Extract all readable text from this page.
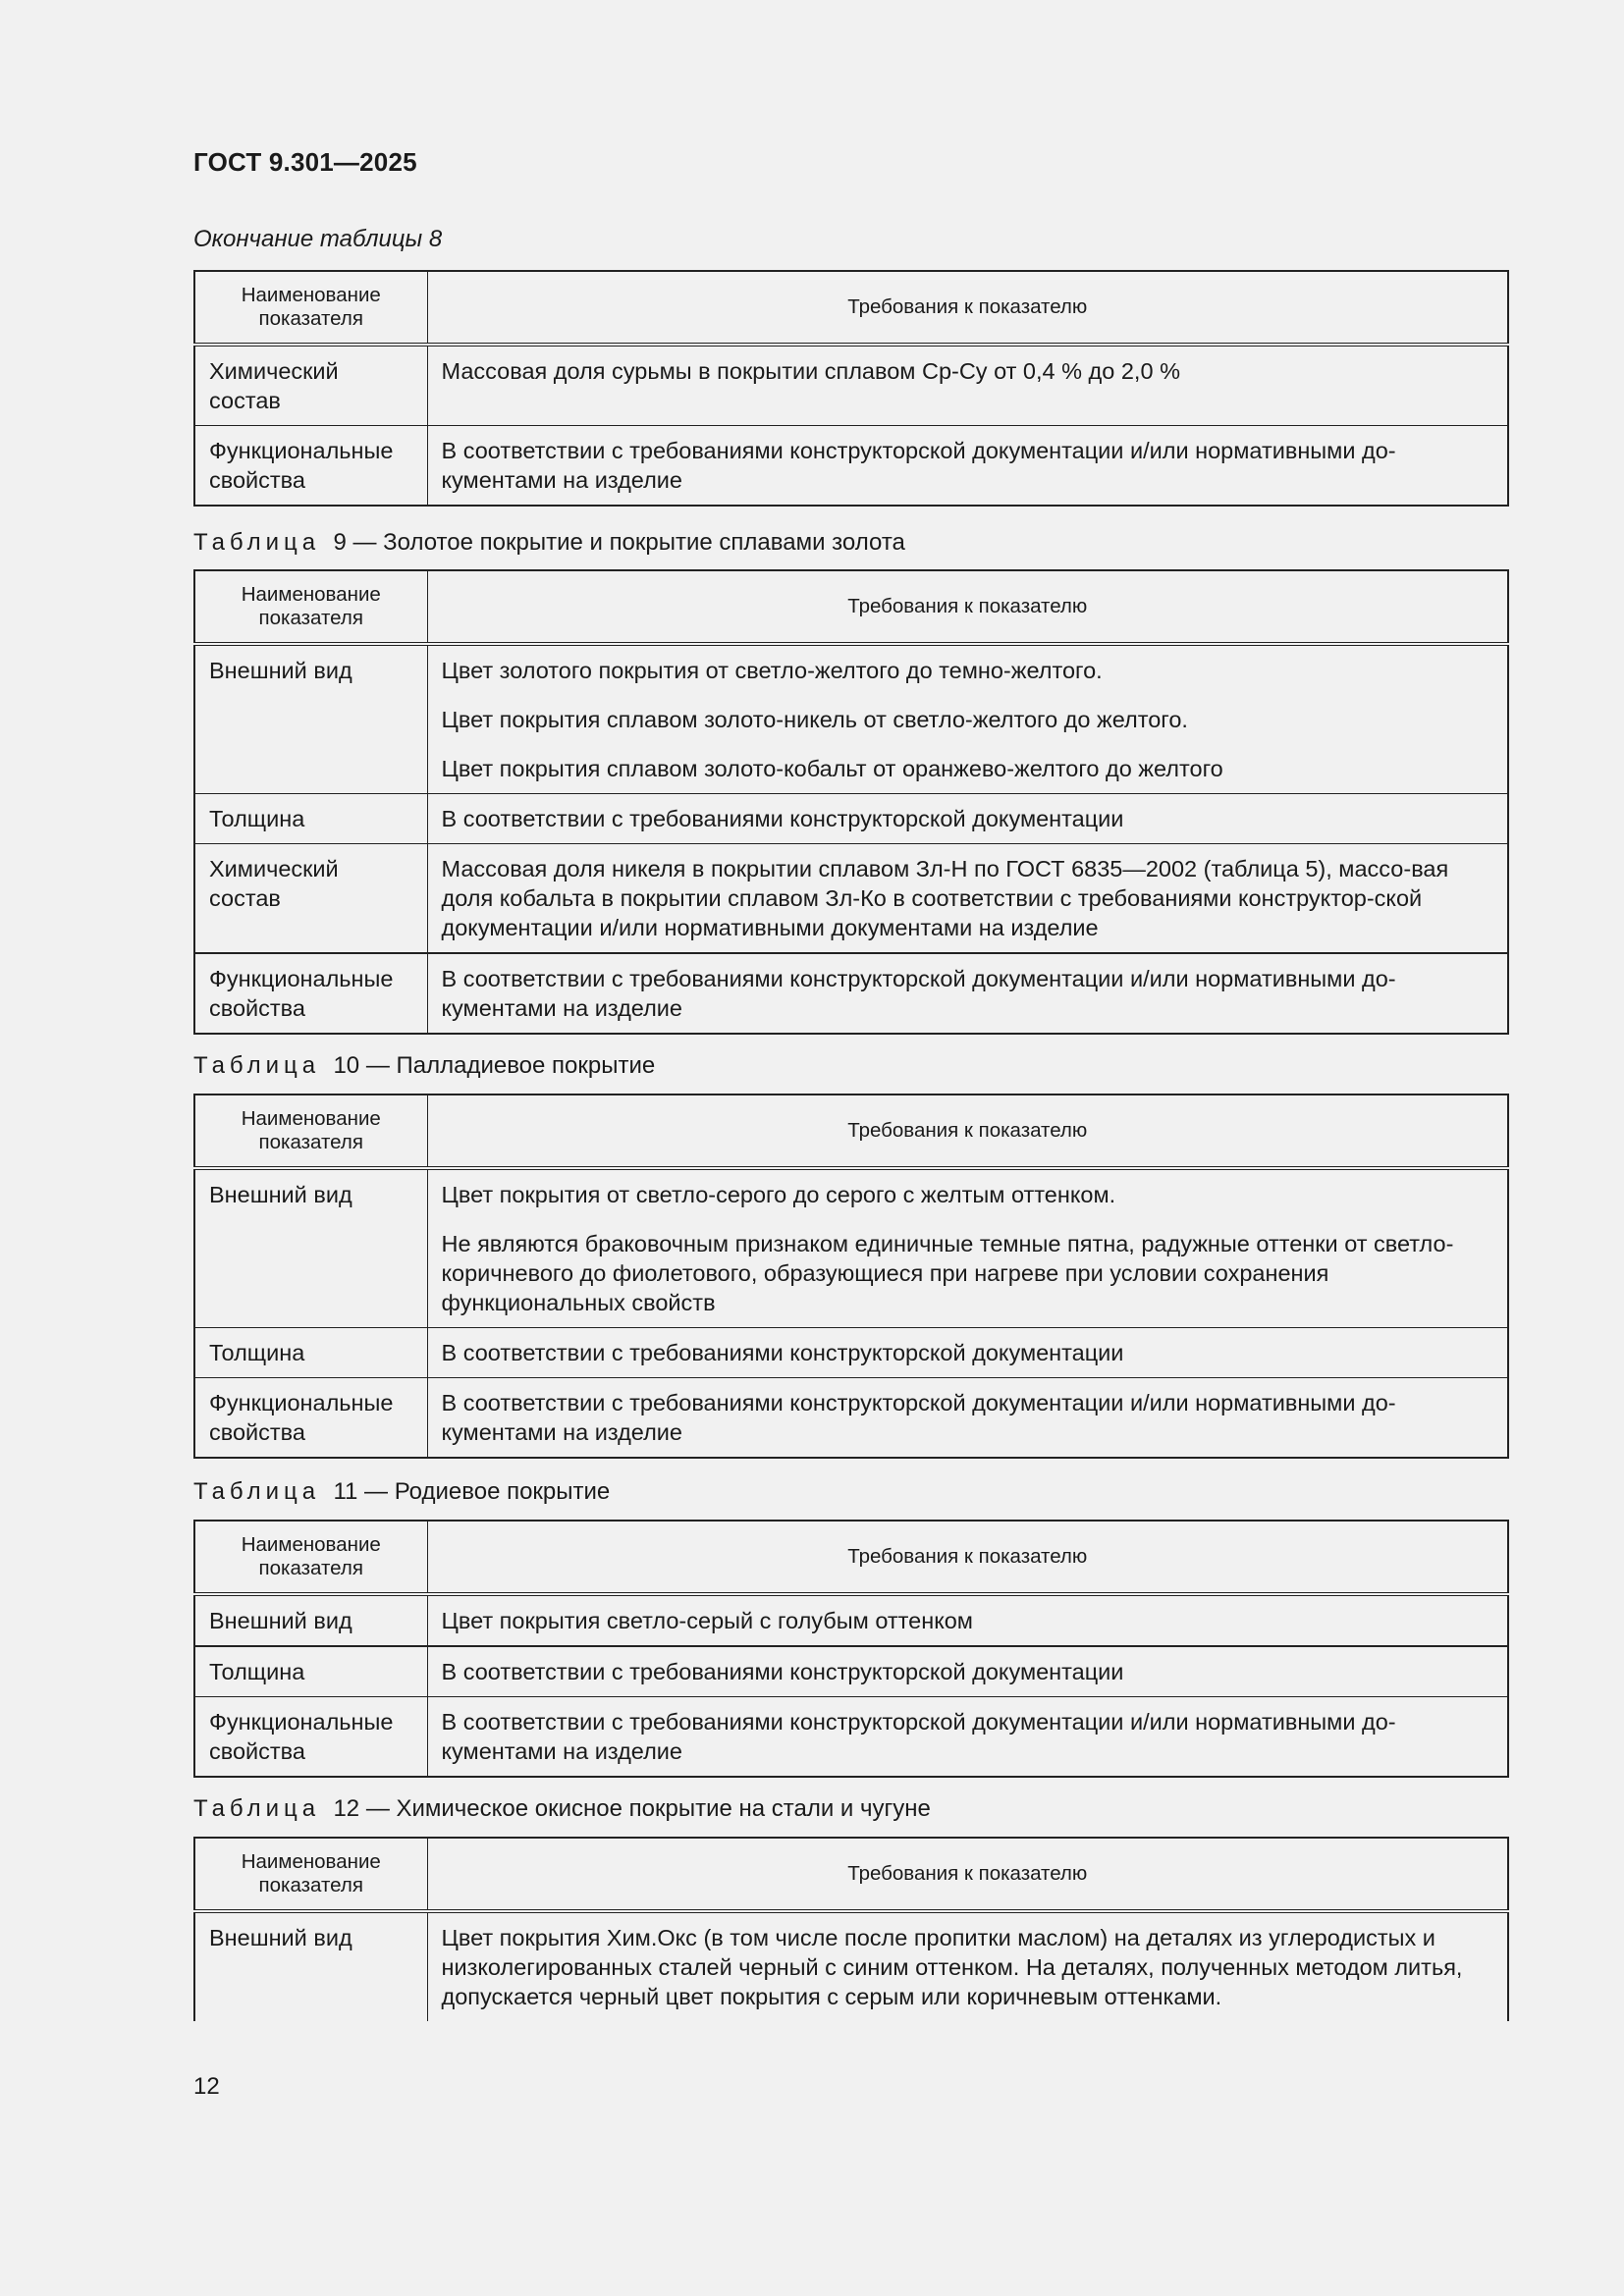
ГОСТ 9.301—2025
Окончание таблицы 8
Наименование показателя	Требования к показателю
Химический состав	Массовая доля сурьмы в покрытии сплавом Ср-Су от 0,4 % до 2,0 %

Функциональные свойства	В соответствии с требованиями конструкторской документации и/или нормативными до-кументами на изделие

Таблица 9 — Золотое покрытие и покрытие сплавами золота
Наименование показателя	Требования к показателю
Внешний вид	Цвет золотого покрытия от светло-желтого до темно-желтого.

Цвет покрытия сплавом золото-никель от светло-желтого до желтого.

Цвет покрытия сплавом золото-кобальт от оранжево-желтого до желтого

Толщина	В соответствии с требованиями конструкторской документации

Химический состав	Массовая доля никеля в покрытии сплавом Зл-Н по ГОСТ 6835—2002 (таблица 5), массо-вая доля кобальта в покрытии сплавом Зл-Ко в соответствии с требованиями конструктор-ской документации и/или нормативными документами на изделие

Функциональные свойства	В соответствии с требованиями конструкторской документации и/или нормативными до-кументами на изделие

Таблица 10 — Палладиевое покрытие
Наименование показателя	Требования к показателю
Внешний вид	Цвет покрытия от светло-серого до серого с желтым оттенком.

Не являются браковочным признаком единичные темные пятна, радужные оттенки от светло-коричневого до фиолетового, образующиеся при нагреве при условии сохранения функциональных свойств

Толщина	В соответствии с требованиями конструкторской документации

Функциональные свойства	В соответствии с требованиями конструкторской документации и/или нормативными до-кументами на изделие

Таблица 11 — Родиевое покрытие
Наименование показателя	Требования к показателю
Внешний вид	Цвет покрытия светло-серый с голубым оттенком

Толщина	В соответствии с требованиями конструкторской документации

Функциональные свойства	В соответствии с требованиями конструкторской документации и/или нормативными до-кументами на изделие

Таблица 12 — Химическое окисное покрытие на стали и чугуне
Наименование показателя	Требования к показателю
Внешний вид	Цвет покрытия Хим.Окс (в том числе после пропитки маслом) на деталях из углеродистых и низколегированных сталей черный с синим оттенком. На деталях, полученных методом литья, допускается черный цвет покрытия с серым или коричневым оттенками.

12
